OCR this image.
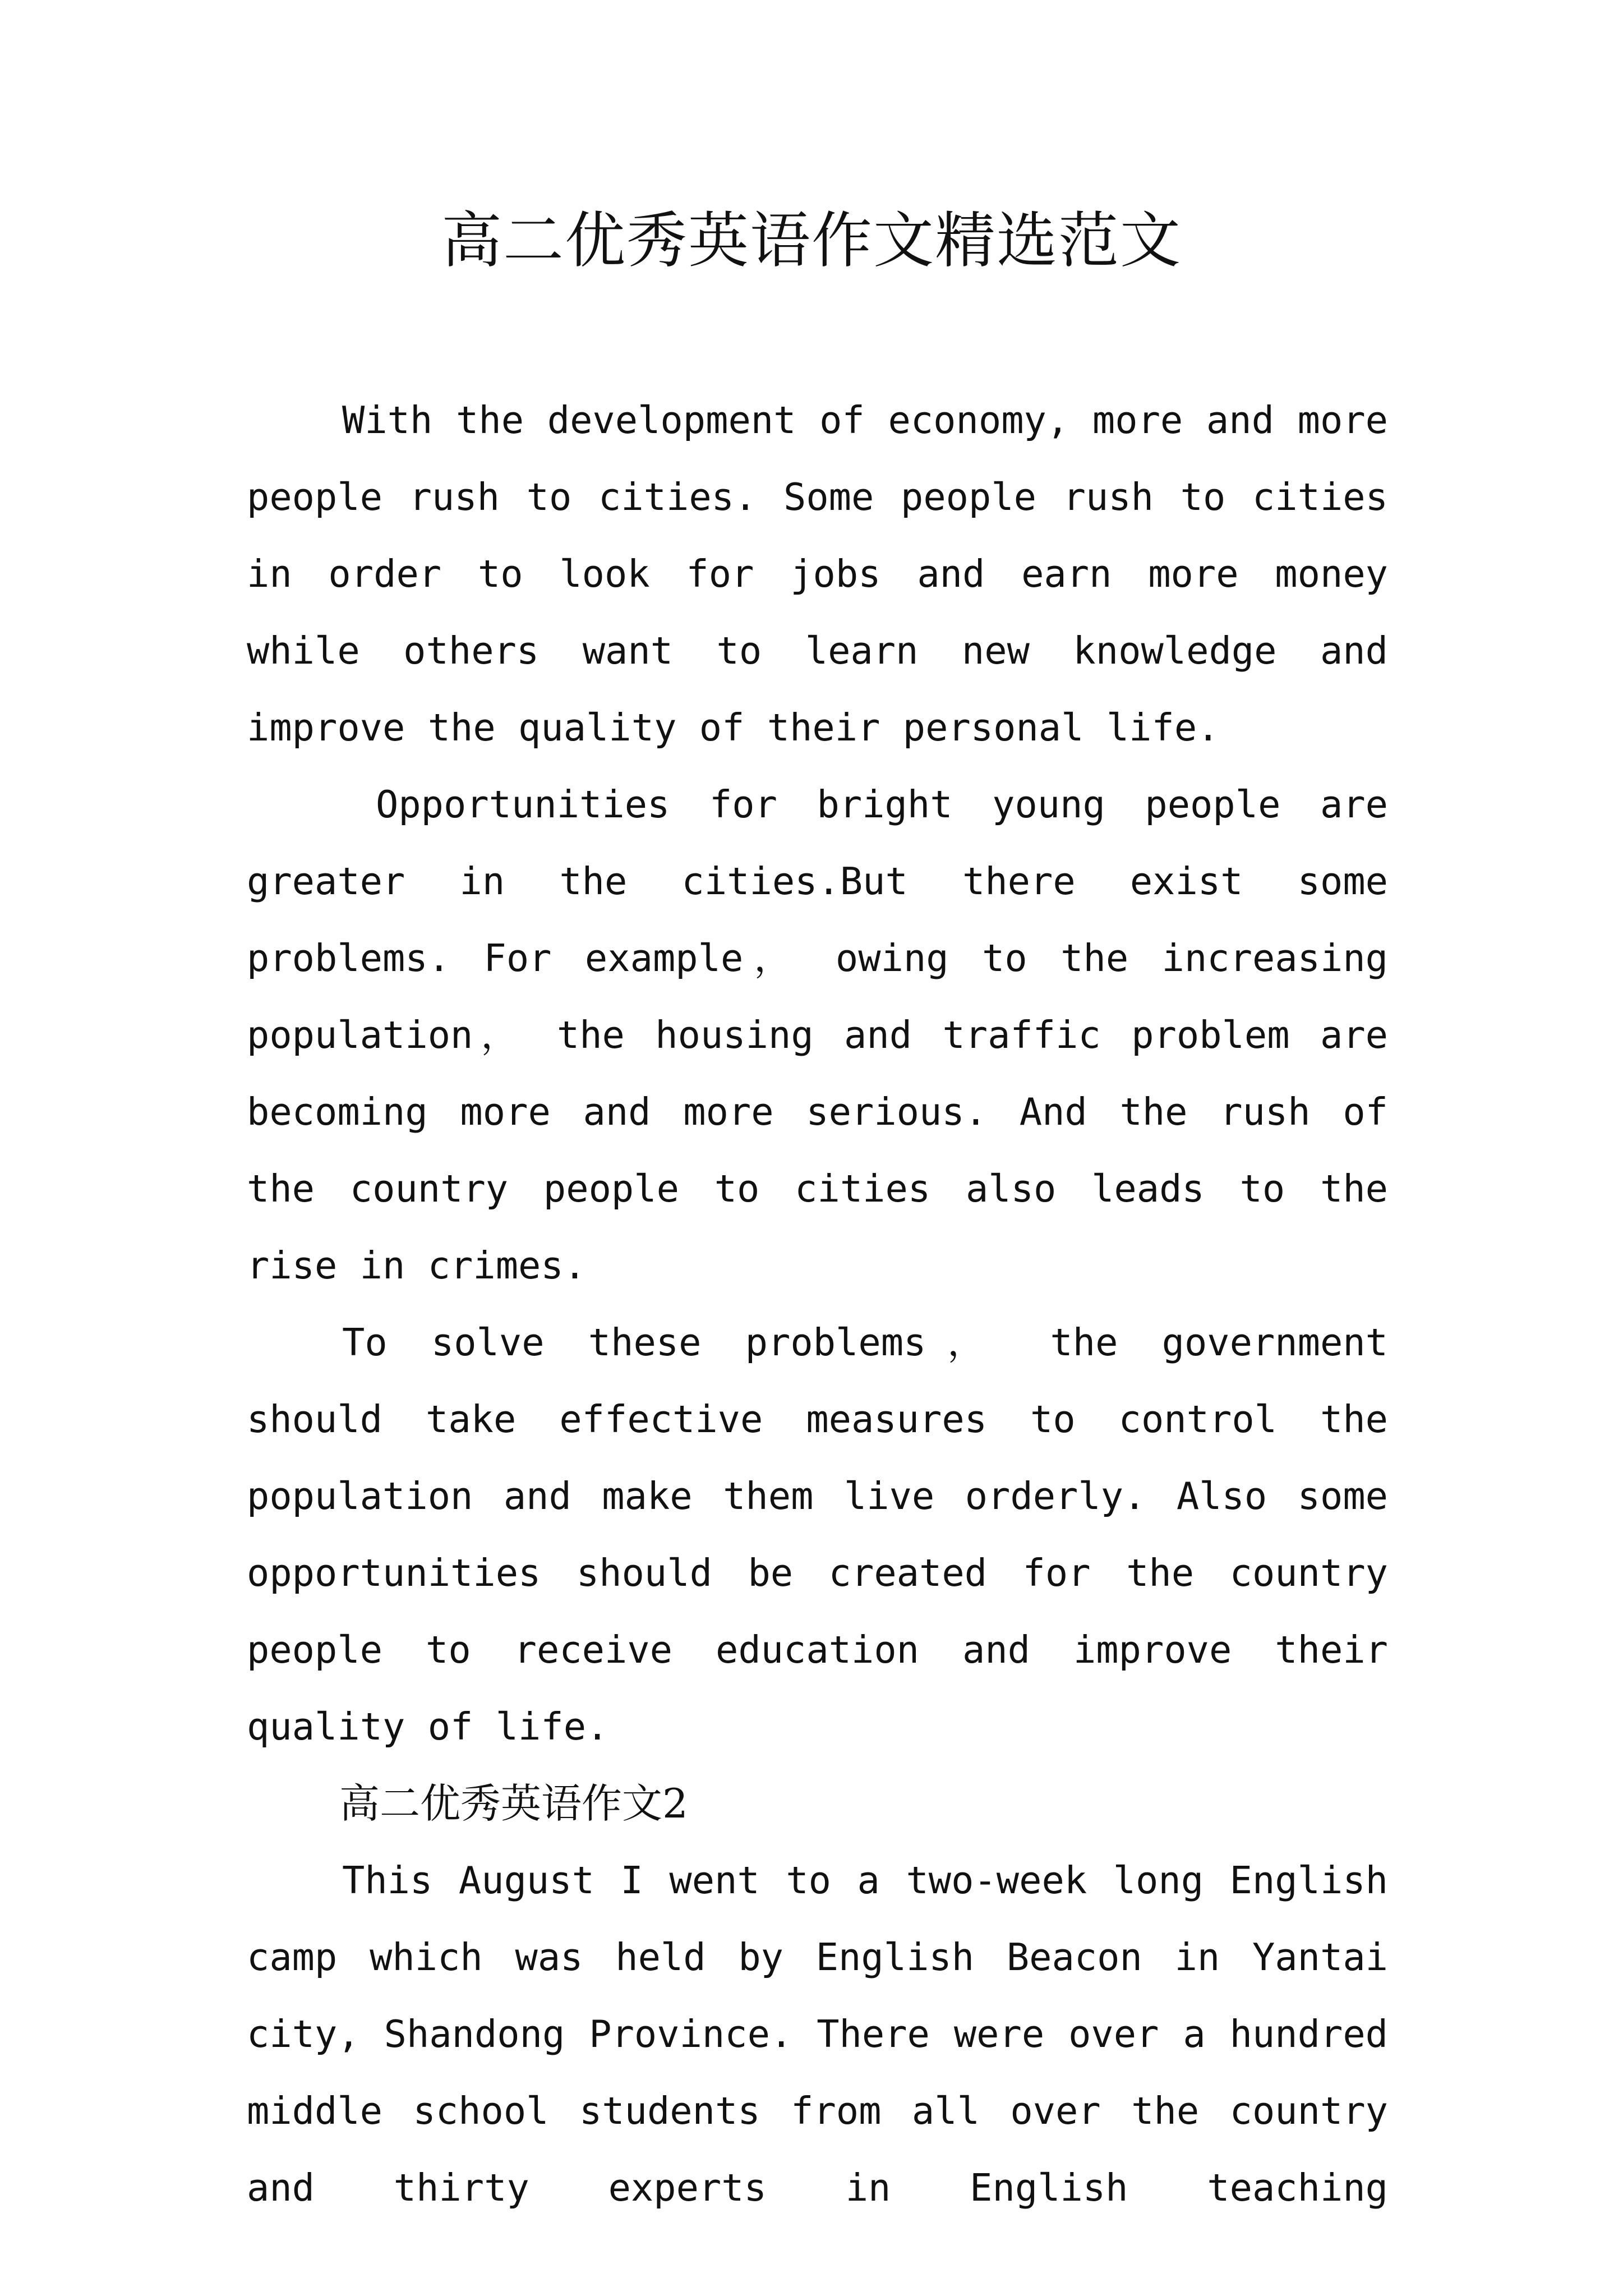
高二优秀英语作文精选范文

With the development of economy, more and more people rush to cities. Some people rush to cities in order to look for jobs and earn more money while others want to learn new knowledge and improve the quality of their personal life.

Opportunities for bright young people are greater in the cities.But there exist some problems. For example， owing to the increasing population， the housing and traffic problem are becoming more and more serious. And the rush of the country people to cities also leads to the rise in crimes.

To solve these problems， the government should take effective measures to control the population and make them live orderly. Also some opportunities should be created for the country people to receive education and improve their quality of life.

高二优秀英语作文2

This August I went to a two-week long English camp which was held by English Beacon in Yantai city, Shandong Province. There were over a hundred middle school students from all over the country and thirty experts in English teaching
